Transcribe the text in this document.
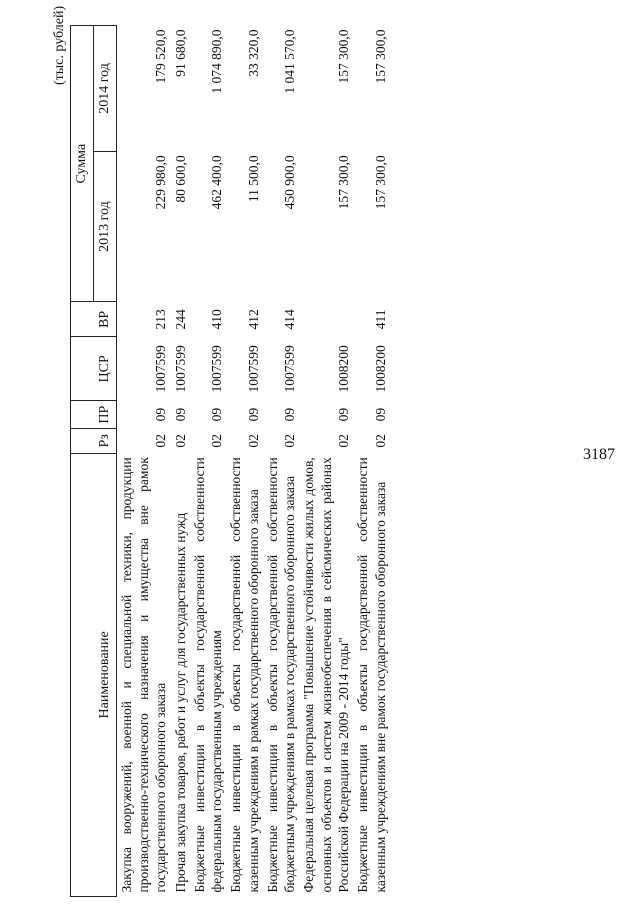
3187
(тыс. рублей)
Наименование	Рз	ПР	ЦСР	ВР	Сумма	
					2013 год	2014 год
Закупка вооружений, военной и специальной техники, продукции производственно-технического назначения и имущества вне рамок государственного оборонного заказа	02	09	1007599	213	229 980,0	179 520,0
Прочая закупка товаров, работ и услуг для государственных нужд	02	09	1007599	244	80 600,0	91 680,0
Бюджетные инвестиции в объекты государственной собственности федеральным государственным учреждениям	02	09	1007599	410	462 400,0	1 074 890,0
Бюджетные инвестиции в объекты государственной собственности казенным учреждениям в рамках государственного оборонного заказа	02	09	1007599	412	11 500,0	33 320,0
Бюджетные инвестиции в объекты государственной собственности бюджетным учреждениям в рамках государственного оборонного заказа	02	09	1007599	414	450 900,0	1 041 570,0
Федеральная целевая программа "Повышение устойчивости жилых домов, основных объектов и систем жизнеобеспечения в сейсмических районах Российской Федерации на 2009 - 2014 годы"	02	09	1008200		157 300,0	157 300,0
Бюджетные инвестиции в объекты государственной собственности казенным учреждениям вне рамок государственного оборонного заказа	02	09	1008200	411	157 300,0	157 300,0
